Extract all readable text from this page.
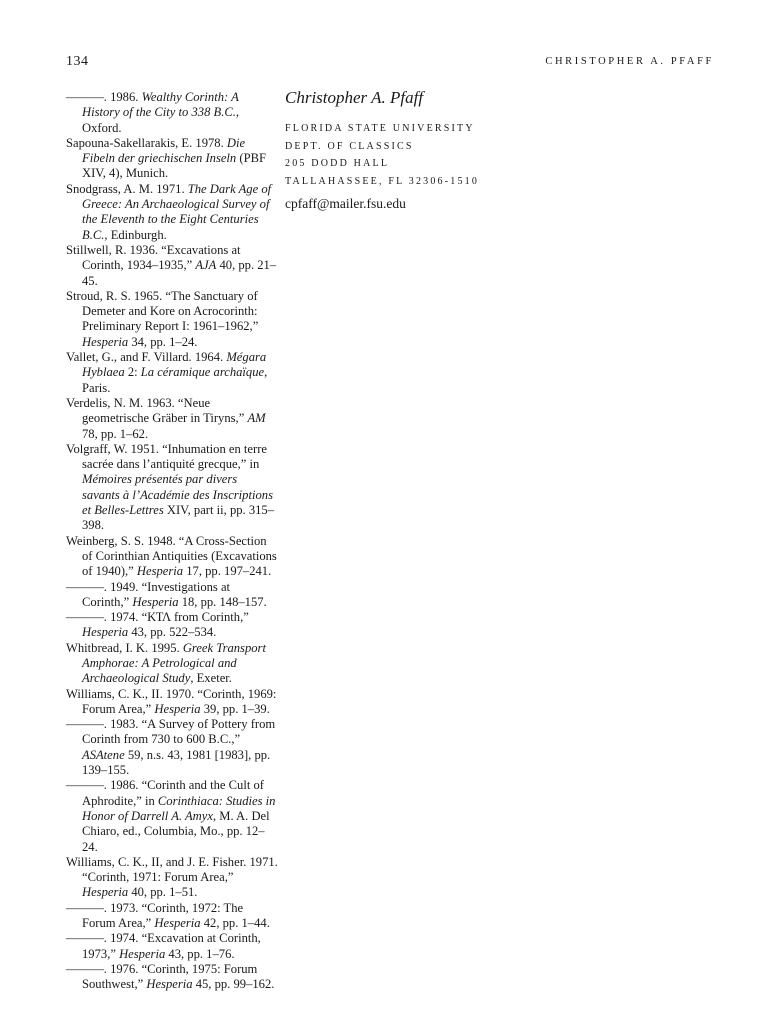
134	CHRISTOPHER A. PFAFF

———. 1986. Wealthy Corinth: A History of the City to 338 B.C., Oxford.

Sapouna-Sakellarakis, E. 1978. Die Fibeln der griechischen Inseln (PBF XIV, 4), Munich.

Snodgrass, A. M. 1971. The Dark Age of Greece: An Archaeological Survey of the Eleventh to the Eight Centuries B.C., Edinburgh.

Stillwell, R. 1936. “Excavations at Corinth, 1934–1935,” AJA 40, pp. 21–45.

Stroud, R. S. 1965. “The Sanctuary of Demeter and Kore on Acrocorinth: Preliminary Report I: 1961–1962,” Hesperia 34, pp. 1–24.

Vallet, G., and F. Villard. 1964. Mégara Hyblaea 2: La céramique archaïque, Paris.

Verdelis, N. M. 1963. “Neue geometrische Gräber in Tiryns,” AM 78, pp. 1–62.

Volgraff, W. 1951. “Inhumation en terre sacrée dans l’antiquité grecque,” in Mémoires présentés par divers savants à l’Académie des Inscriptions et Belles-Lettres XIV, part ii, pp. 315–398.

Weinberg, S. S. 1948. “A Cross-Section of Corinthian Antiquities (Excavations of 1940),” Hesperia 17, pp. 197–241.

———. 1949. “Investigations at Corinth,” Hesperia 18, pp. 148–157.

———. 1974. “ΚΤΛ from Corinth,” Hesperia 43, pp. 522–534.

Whitbread, I. K. 1995. Greek Transport Amphorae: A Petrological and Archaeological Study, Exeter.

Williams, C. K., II. 1970. “Corinth, 1969: Forum Area,” Hesperia 39, pp. 1–39.

———. 1983. “A Survey of Pottery from Corinth from 730 to 600 B.C.,” ASAtene 59, n.s. 43, 1981 [1983], pp. 139–155.

———. 1986. “Corinth and the Cult of Aphrodite,” in Corinthiaca: Studies in Honor of Darrell A. Amyx, M. A. Del Chiaro, ed., Columbia, Mo., pp. 12–24.

Williams, C. K., II, and J. E. Fisher. 1971. “Corinth, 1971: Forum Area,” Hesperia 40, pp. 1–51.

———. 1973. “Corinth, 1972: The Forum Area,” Hesperia 42, pp. 1–44.

———. 1974. “Excavation at Corinth, 1973,” Hesperia 43, pp. 1–76.

———. 1976. “Corinth, 1975: Forum Southwest,” Hesperia 45, pp. 99–162.

Christopher A. Pfaff

FLORIDA STATE UNIVERSITY

DEPT. OF CLASSICS

205 DODD HALL

TALLAHASSEE, FL 32306-1510

cpfaff@mailer.fsu.edu
